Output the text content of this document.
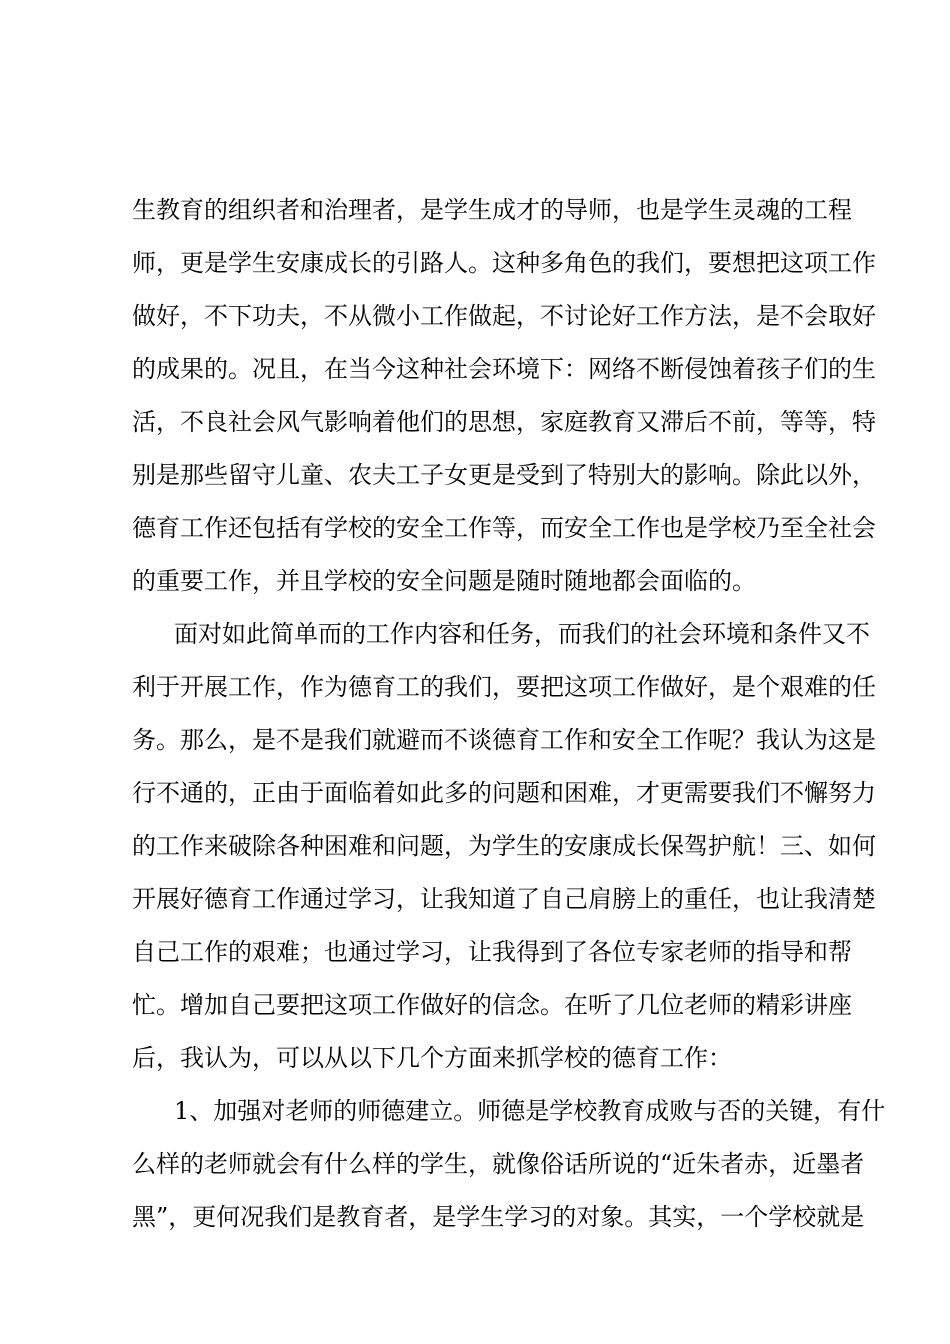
生教育的组织者和治理者，是学生成才的导师，也是学生灵魂的工程
师，更是学生安康成长的引路人。这种多角色的我们，要想把这项工作
做好，不下功夫，不从微小工作做起，不讨论好工作方法，是不会取好
的成果的。况且，在当今这种社会环境下：网络不断侵蚀着孩子们的生
活，不良社会风气影响着他们的思想，家庭教育又滞后不前，等等，特
别是那些留守儿童、农夫工子女更是受到了特别大的影响。除此以外，
德育工作还包括有学校的安全工作等，而安全工作也是学校乃至全社会
的重要工作，并且学校的安全问题是随时随地都会面临的。
面对如此简单而的工作内容和任务，而我们的社会环境和条件又不
利于开展工作，作为德育工的我们，要把这项工作做好，是个艰难的任
务。那么，是不是我们就避而不谈德育工作和安全工作呢？我认为这是
行不通的，正由于面临着如此多的问题和困难，才更需要我们不懈努力
的工作来破除各种困难和问题，为学生的安康成长保驾护航！三、如何
开展好德育工作通过学习，让我知道了自己肩膀上的重任，也让我清楚
自己工作的艰难；也通过学习，让我得到了各位专家老师的指导和帮
忙。增加自己要把这项工作做好的信念。在听了几位老师的精彩讲座
后，我认为，可以从以下几个方面来抓学校的德育工作：
1、加强对老师的师德建立。师德是学校教育成败与否的关键，有什
么样的老师就会有什么样的学生，就像俗话所说的“近朱者赤，近墨者
黑”，更何况我们是教育者，是学生学习的对象。其实，一个学校就是
